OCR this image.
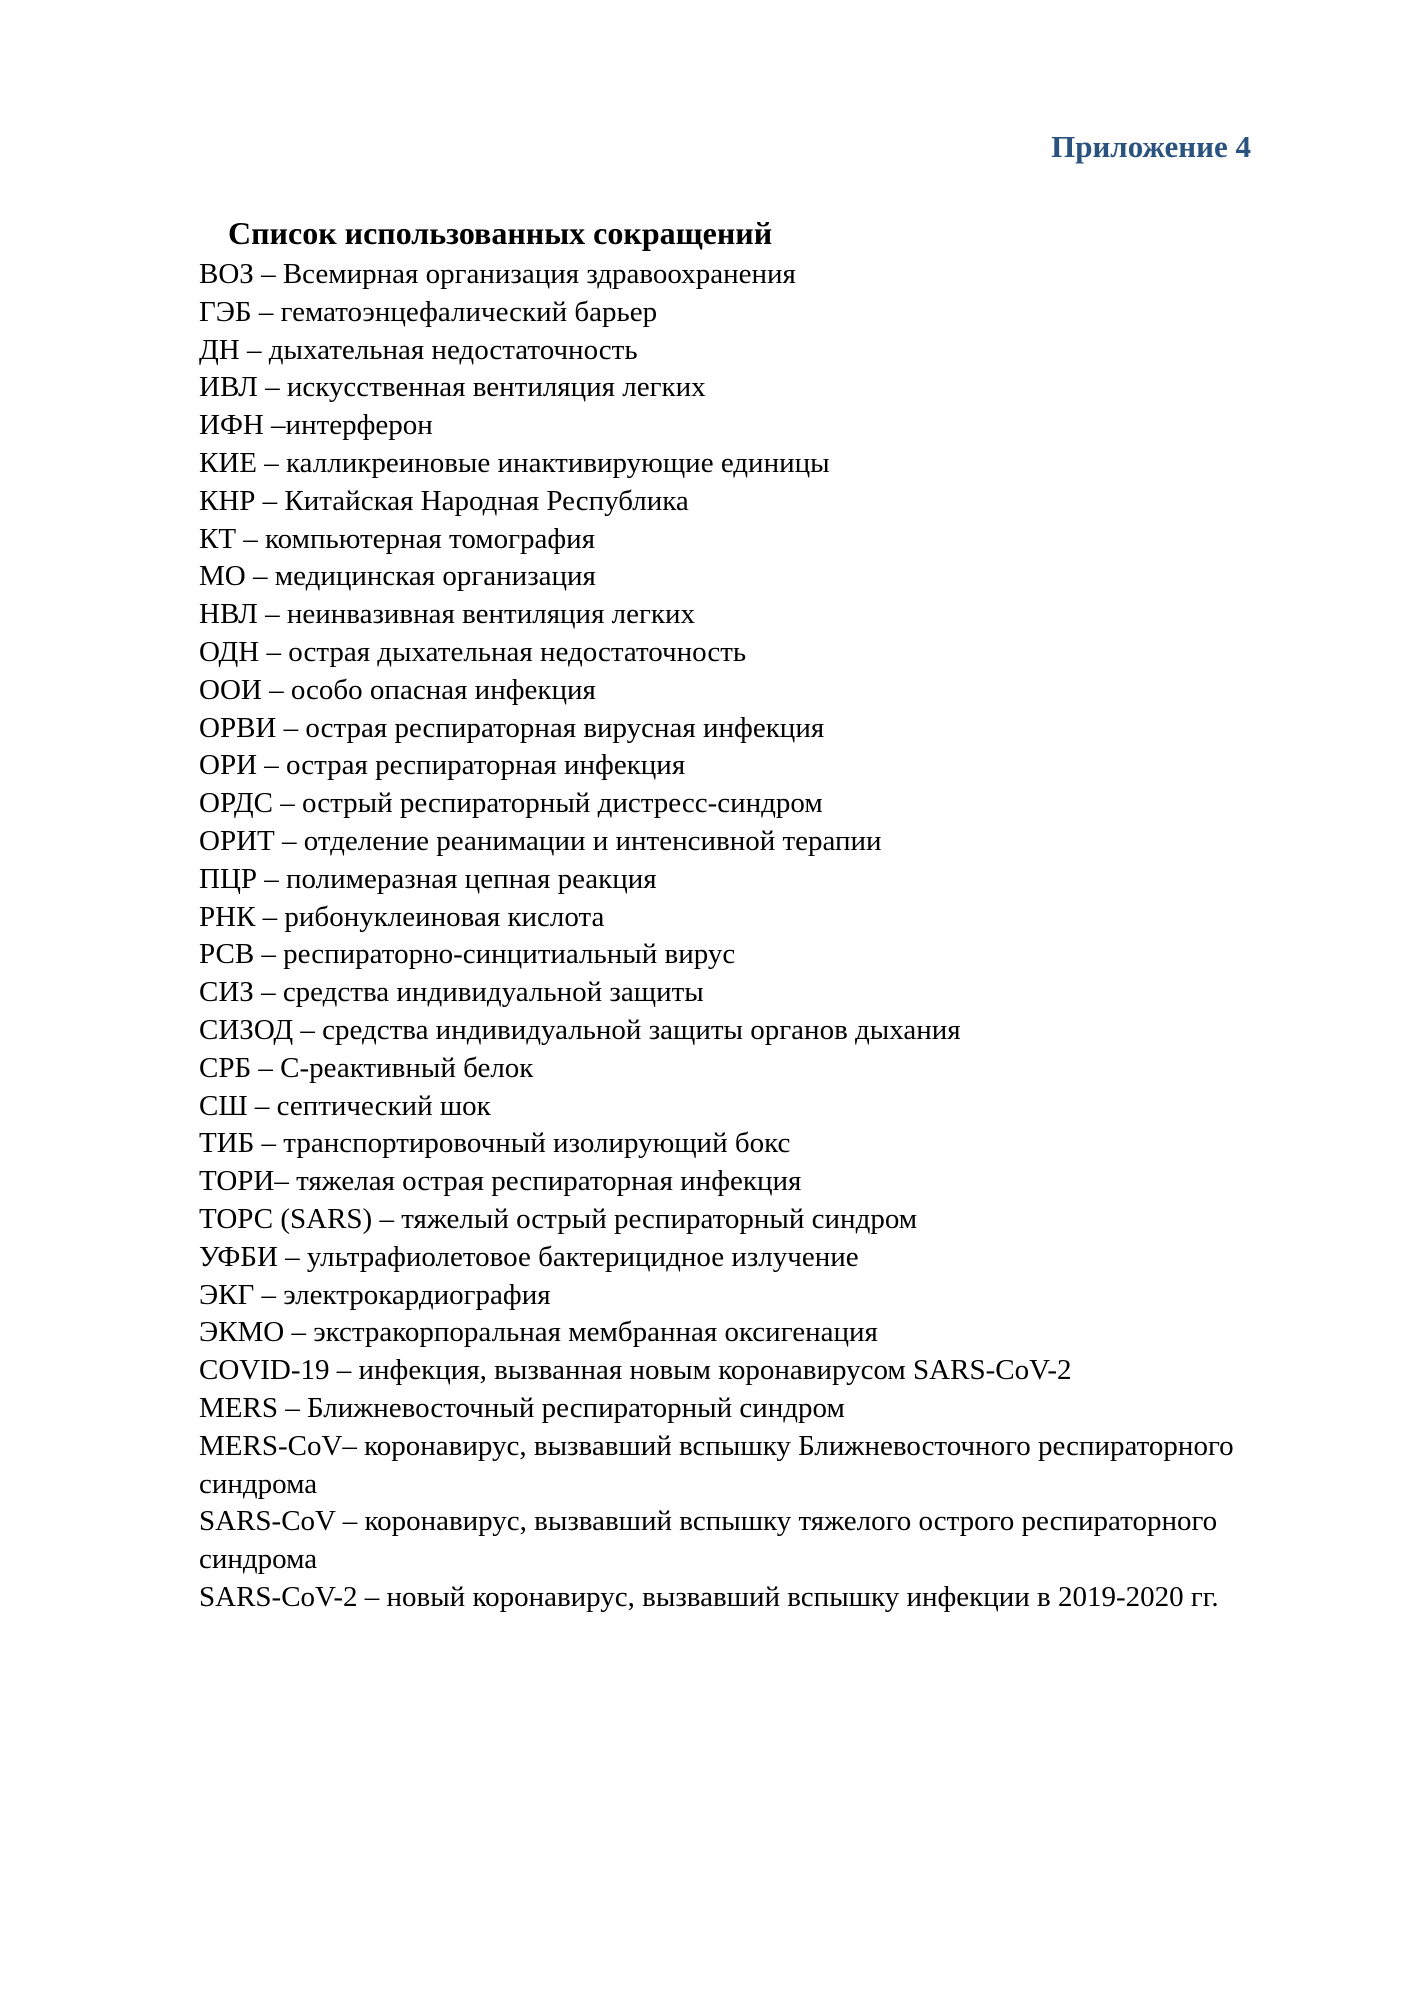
Приложение 4
Список использованных сокращений

ВОЗ – Всемирная организация здравоохранения

ГЭБ – гематоэнцефалический барьер

ДН – дыхательная недостаточность

ИВЛ – искусственная вентиляция легких

ИФН –интерферон

КИЕ – калликреиновые инактивирующие единицы

КНР – Китайская Народная Республика

КТ – компьютерная томография

МО – медицинская организация

НВЛ – неинвазивная вентиляция легких

ОДН – острая дыхательная недостаточность

ООИ – особо опасная инфекция

ОРВИ – острая респираторная вирусная инфекция

ОРИ – острая респираторная инфекция

ОРДС – острый респираторный дистресс-синдром

ОРИТ – отделение реанимации и интенсивной терапии

ПЦР – полимеразная цепная реакция

РНК – рибонуклеиновая кислота

РСВ – респираторно-синцитиальный вирус

СИЗ – средства индивидуальной защиты

СИЗОД – средства индивидуальной защиты органов дыхания

СРБ – С-реактивный белок

СШ – септический шок

ТИБ – транспортировочный изолирующий бокс

ТОРИ– тяжелая острая респираторная инфекция

ТОРС (SARS) – тяжелый острый респираторный синдром

УФБИ – ультрафиолетовое бактерицидное излучение

ЭКГ – электрокардиография

ЭКМО – экстракорпоральная мембранная оксигенация

COVID-19 – инфекция, вызванная новым коронавирусом SARS-CoV-2

MERS – Ближневосточный респираторный синдром

MERS-CoV– коронавирус, вызвавший вспышку Ближневосточного респираторного синдрома

SARS-CoV – коронавирус, вызвавший вспышку тяжелого острого респираторного синдрома

SARS-CoV-2 – новый коронавирус, вызвавший вспышку инфекции в 2019-2020 гг.
